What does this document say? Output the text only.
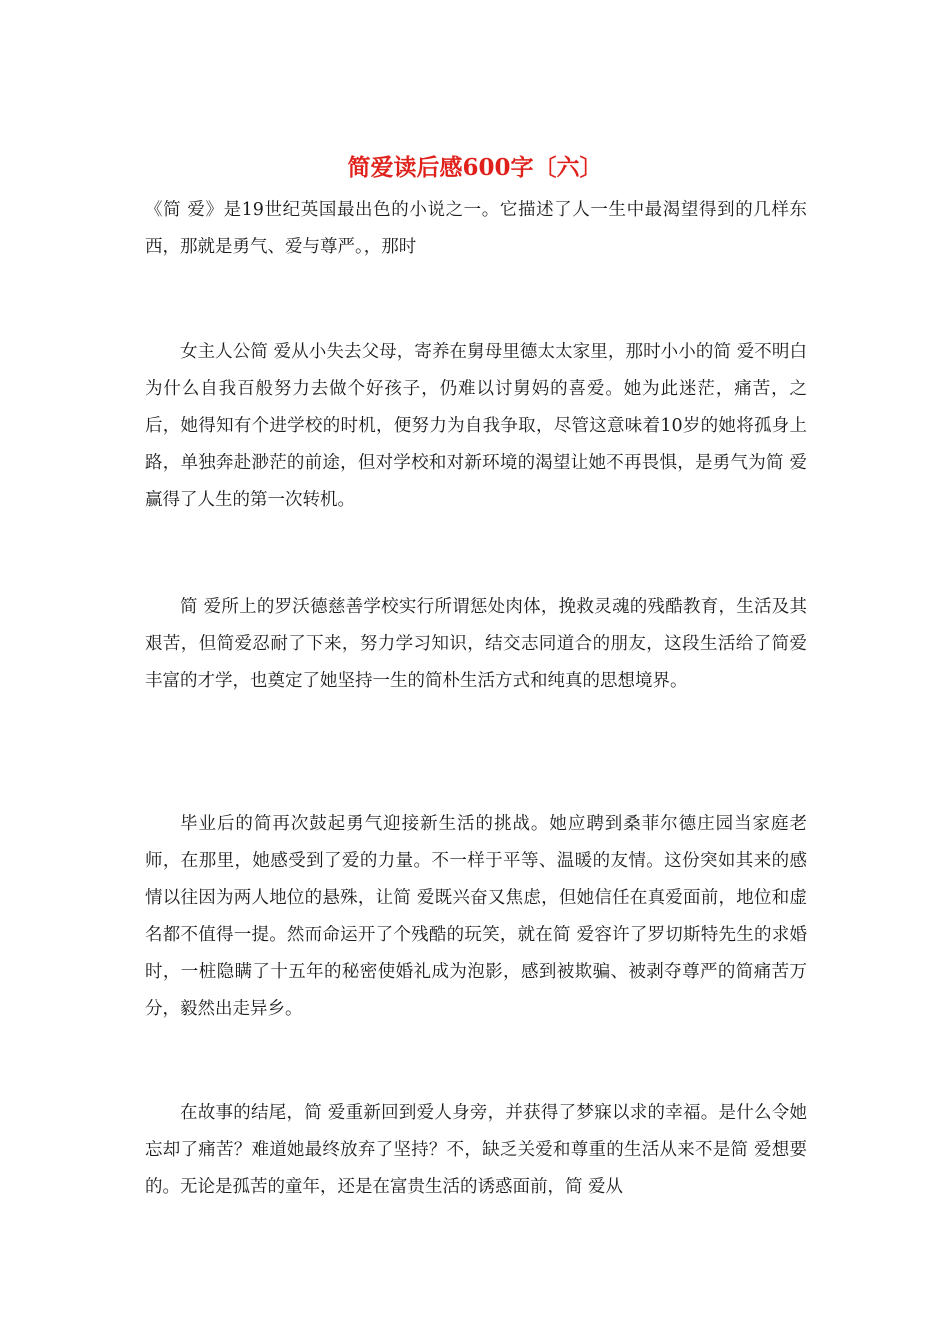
简爱读后感600字〔六〕

《简 爱》是19世纪英国最出色的小说之一。它描述了人一生中最渴望得到的几样东西，那就是勇气、爱与尊严。，那时

女主人公简 爱从小失去父母，寄养在舅母里德太太家里，那时小小的简 爱不明白为什么自我百般努力去做个好孩子，仍难以讨舅妈的喜爱。她为此迷茫，痛苦，之后，她得知有个进学校的时机，便努力为自我争取，尽管这意味着10岁的她将孤身上路，单独奔赴渺茫的前途，但对学校和对新环境的渴望让她不再畏惧，是勇气为简 爱赢得了人生的第一次转机。

简 爱所上的罗沃德慈善学校实行所谓惩处肉体，挽救灵魂的残酷教育，生活及其艰苦，但简爱忍耐了下来，努力学习知识，结交志同道合的朋友，这段生活给了简爱丰富的才学，也奠定了她坚持一生的简朴生活方式和纯真的思想境界。

毕业后的简再次鼓起勇气迎接新生活的挑战。她应聘到桑菲尔德庄园当家庭老师，在那里，她感受到了爱的力量。不一样于平等、温暖的友情。这份突如其来的感情以往因为两人地位的悬殊，让简 爱既兴奋又焦虑，但她信任在真爱面前，地位和虚名都不值得一提。然而命运开了个残酷的玩笑，就在简 爱容许了罗切斯特先生的求婚时，一桩隐瞒了十五年的秘密使婚礼成为泡影，感到被欺骗、被剥夺尊严的简痛苦万分，毅然出走异乡。

在故事的结尾，简 爱重新回到爱人身旁，并获得了梦寐以求的幸福。是什么令她忘却了痛苦？难道她最终放弃了坚持？不，缺乏关爱和尊重的生活从来不是简 爱想要的。无论是孤苦的童年，还是在富贵生活的诱惑面前，简 爱从
